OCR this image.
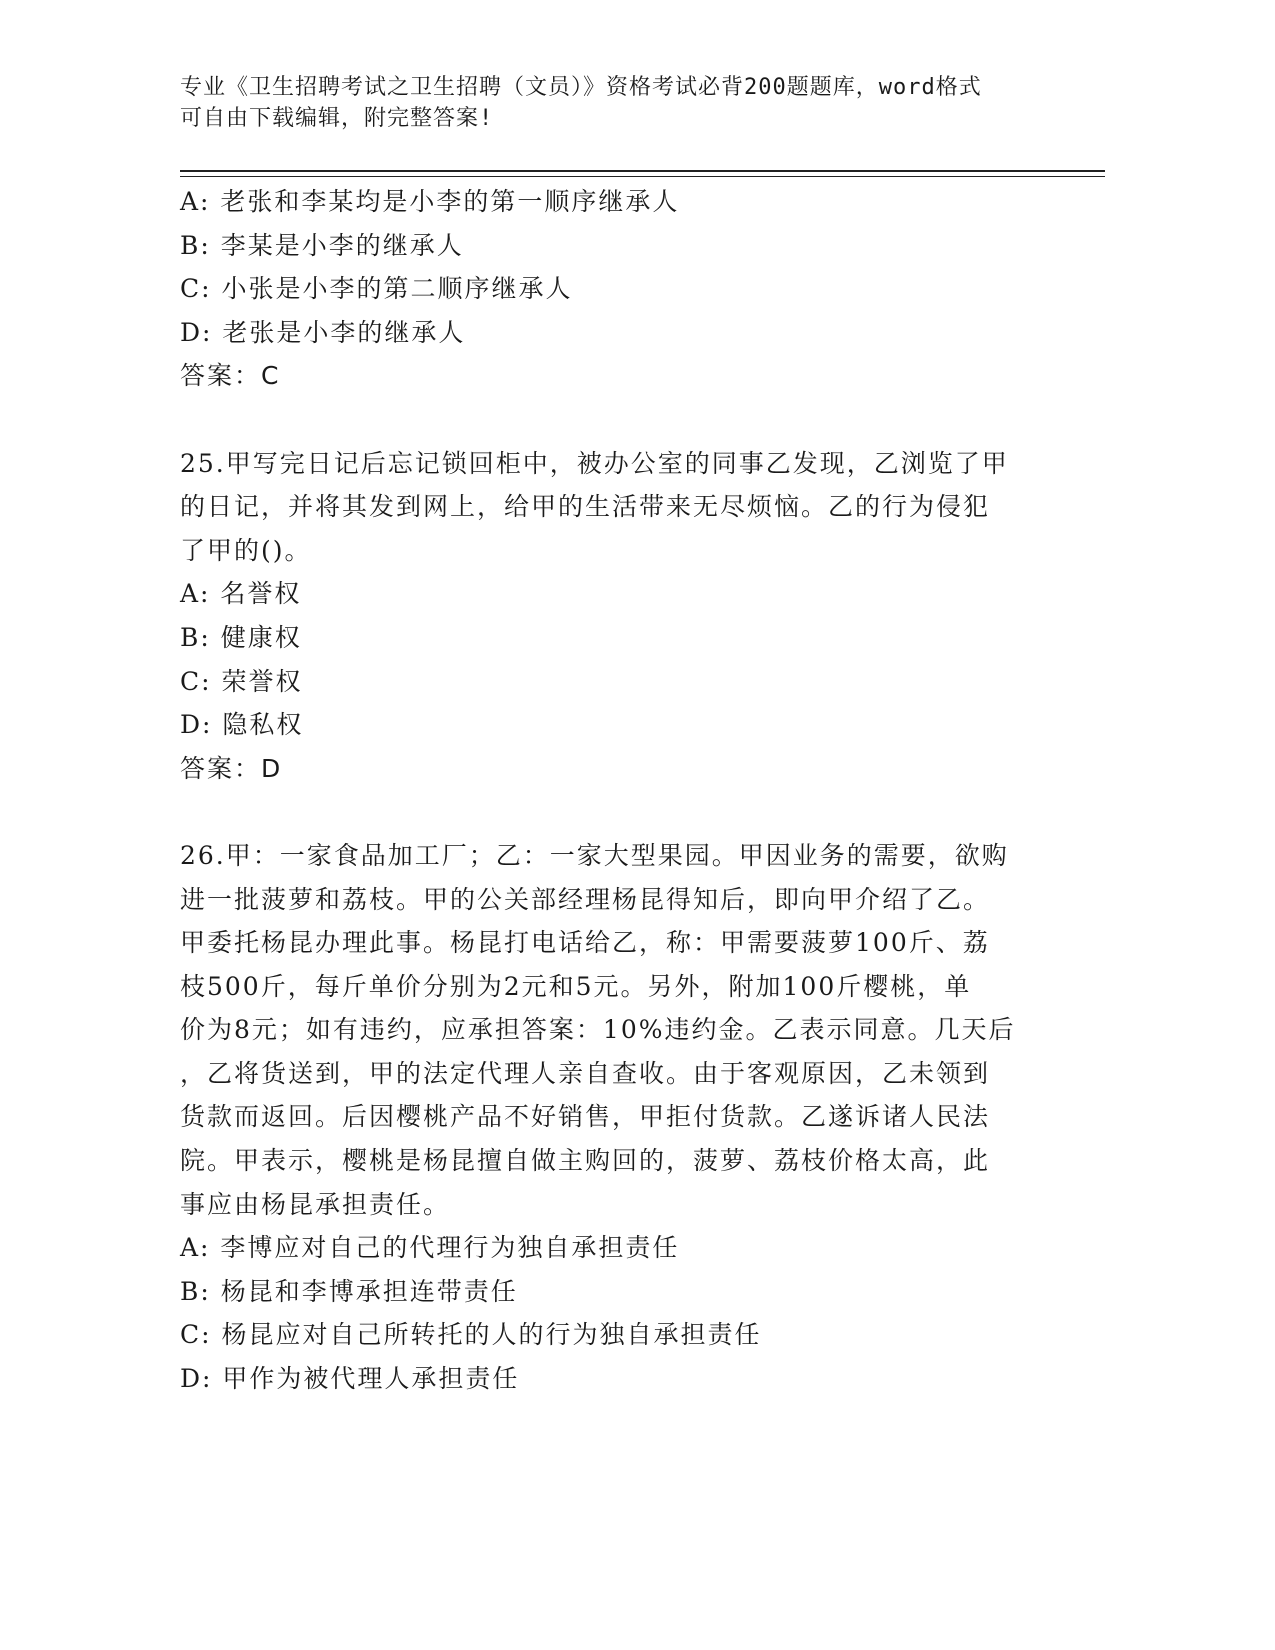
专业《卫生招聘考试之卫生招聘（文员）》资格考试必背200题题库，word格式
可自由下载编辑，附完整答案!
A: 老张和李某均是小李的第一顺序继承人
B: 李某是小李的继承人
C: 小张是小李的第二顺序继承人
D: 老张是小李的继承人
答案：C
25.甲写完日记后忘记锁回柜中，被办公室的同事乙发现，乙浏览了甲
的日记，并将其发到网上，给甲的生活带来无尽烦恼。乙的行为侵犯
了甲的()。
A: 名誉权
B: 健康权
C: 荣誉权
D: 隐私权
答案：D
26.甲：一家食品加工厂；乙：一家大型果园。甲因业务的需要，欲购
进一批菠萝和荔枝。甲的公关部经理杨昆得知后，即向甲介绍了乙。
甲委托杨昆办理此事。杨昆打电话给乙，称：甲需要菠萝100斤、荔
枝500斤，每斤单价分别为2元和5元。另外，附加100斤樱桃，单
价为8元；如有违约，应承担答案：10%违约金。乙表示同意。几天后
，乙将货送到，甲的法定代理人亲自查收。由于客观原因，乙未领到
货款而返回。后因樱桃产品不好销售，甲拒付货款。乙遂诉诸人民法
院。甲表示，樱桃是杨昆擅自做主购回的，菠萝、荔枝价格太高，此
事应由杨昆承担责任。
A: 李博应对自己的代理行为独自承担责任
B: 杨昆和李博承担连带责任
C: 杨昆应对自己所转托的人的行为独自承担责任
D: 甲作为被代理人承担责任
